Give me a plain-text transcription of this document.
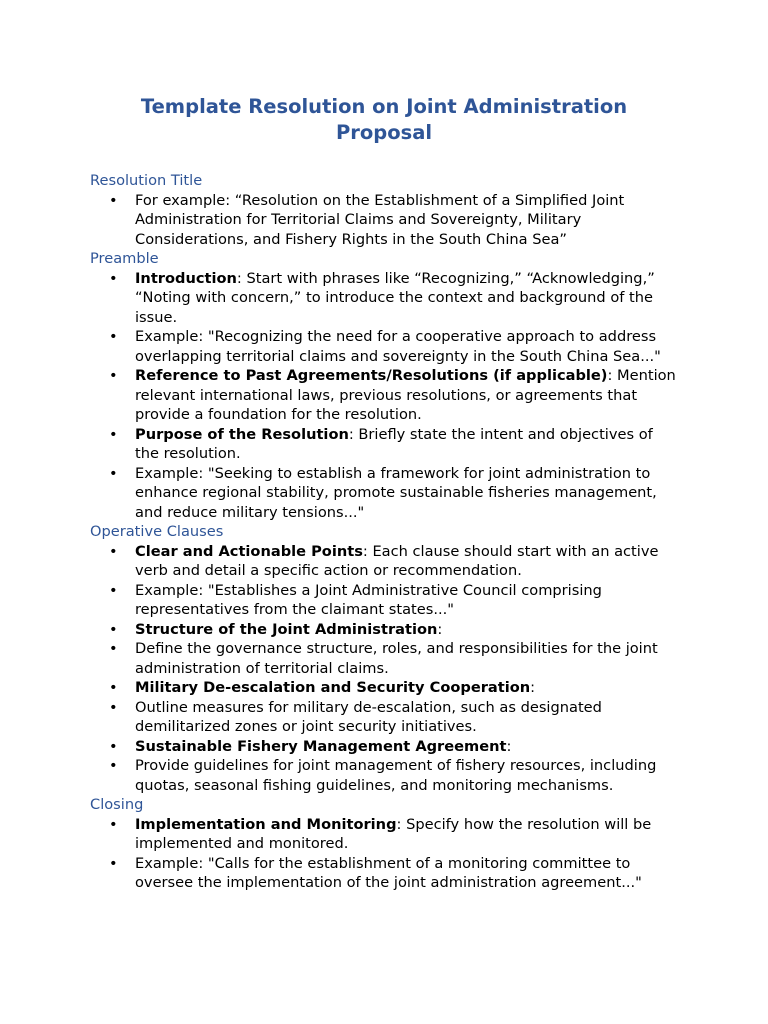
Template Resolution on Joint Administration Proposal
Resolution Title
• For example: “Resolution on the Establishment of a Simplified Joint Administration for Territorial Claims and Sovereignty, Military Considerations, and Fishery Rights in the South China Sea”
Preamble
• Introduction: Start with phrases like “Recognizing,” “Acknowledging,” “Noting with concern,” to introduce the context and background of the issue.
• Example: "Recognizing the need for a cooperative approach to address overlapping territorial claims and sovereignty in the South China Sea..."
• Reference to Past Agreements/Resolutions (if applicable): Mention relevant international laws, previous resolutions, or agreements that provide a foundation for the resolution.
• Purpose of the Resolution: Briefly state the intent and objectives of the resolution.
• Example: "Seeking to establish a framework for joint administration to enhance regional stability, promote sustainable fisheries management, and reduce military tensions..."
Operative Clauses
• Clear and Actionable Points: Each clause should start with an active verb and detail a specific action or recommendation.
• Example: "Establishes a Joint Administrative Council comprising representatives from the claimant states..."
• Structure of the Joint Administration:
• Define the governance structure, roles, and responsibilities for the joint administration of territorial claims.
• Military De-escalation and Security Cooperation:
• Outline measures for military de-escalation, such as designated demilitarized zones or joint security initiatives.
• Sustainable Fishery Management Agreement:
• Provide guidelines for joint management of fishery resources, including quotas, seasonal fishing guidelines, and monitoring mechanisms.
Closing
• Implementation and Monitoring: Specify how the resolution will be implemented and monitored.
• Example: "Calls for the establishment of a monitoring committee to oversee the implementation of the joint administration agreement..."
